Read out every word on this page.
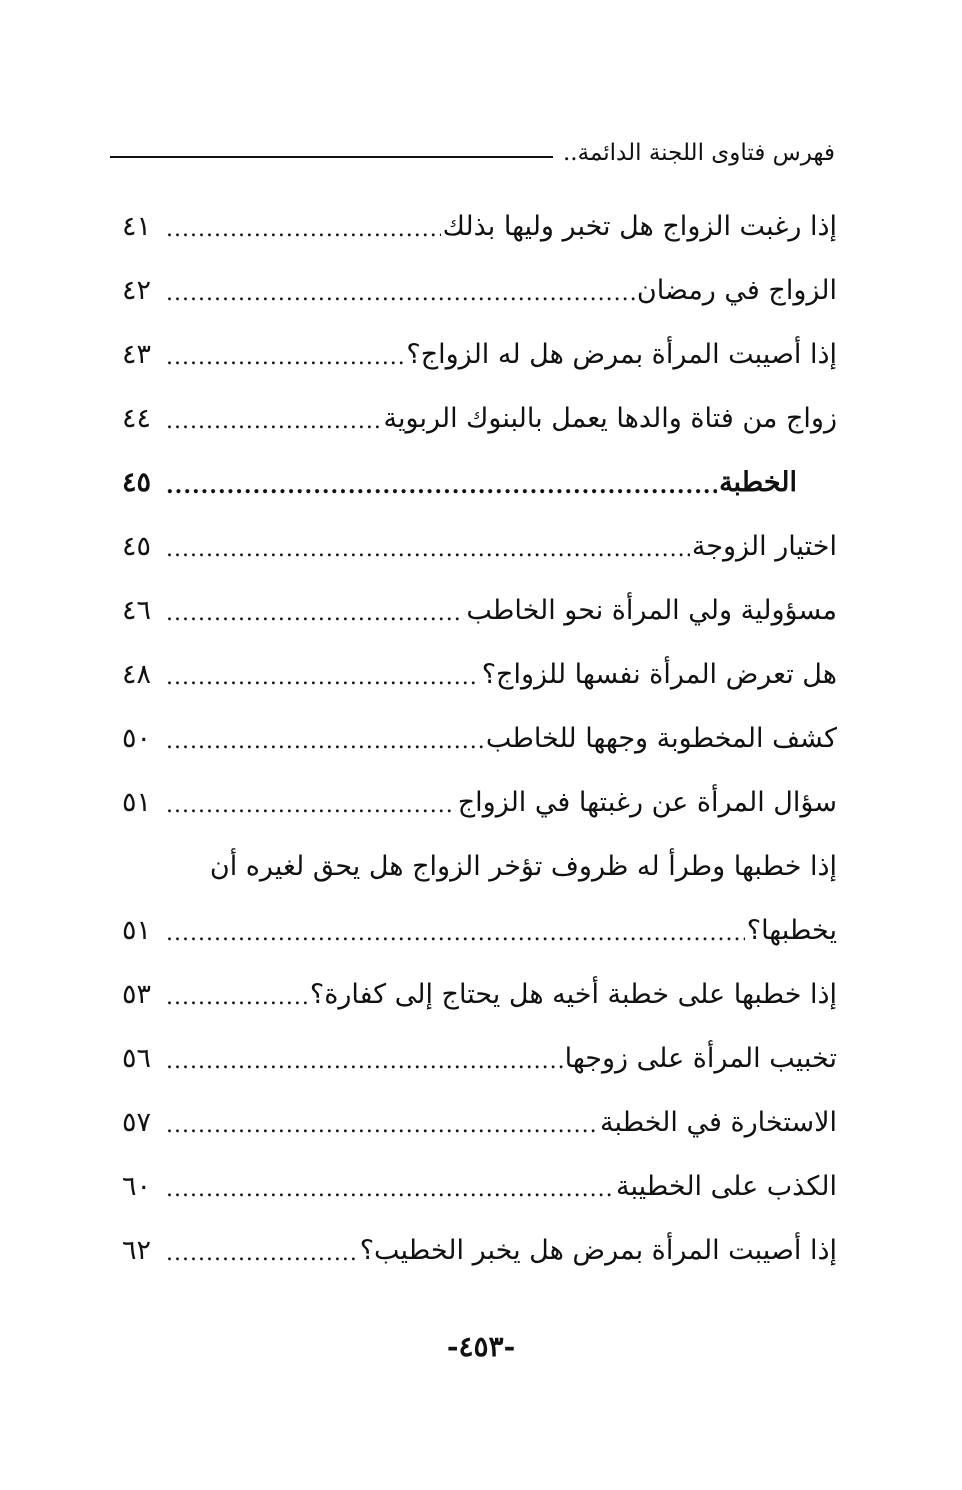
فهرس فتاوى اللجنة الدائمة..
إذا رغبت الزواج هل تخبر وليها بذلك
.....
٤١
الزواج في رمضان
.....
٤٢
إذا أصيبت المرأة بمرض هل له الزواج؟
.....
٤٣
زواج من فتاة والدها يعمل بالبنوك الربوية
.....
٤٤
الخطبة
.....
٤٥
اختيار الزوجة
.....
٤٥
مسؤولية ولي المرأة نحو الخاطب
.....
٤٦
هل تعرض المرأة نفسها للزواج؟
.....
٤٨
كشف المخطوبة وجهها للخاطب
.....
٥٠
سؤال المرأة عن رغبتها في الزواج
.....
٥١
إذا خطبها وطرأ له ظروف تؤخر الزواج هل يحق لغيره أن
يخطبها؟
.....
٥١
إذا خطبها على خطبة أخيه هل يحتاج إلى كفارة؟
.....
٥٣
تخبيب المرأة على زوجها
.....
٥٦
الاستخارة في الخطبة
.....
٥٧
الكذب على الخطيبة
.....
٦٠
إذا أصيبت المرأة بمرض هل يخبر الخطيب؟
.....
٦٢
-٤٥٣-
